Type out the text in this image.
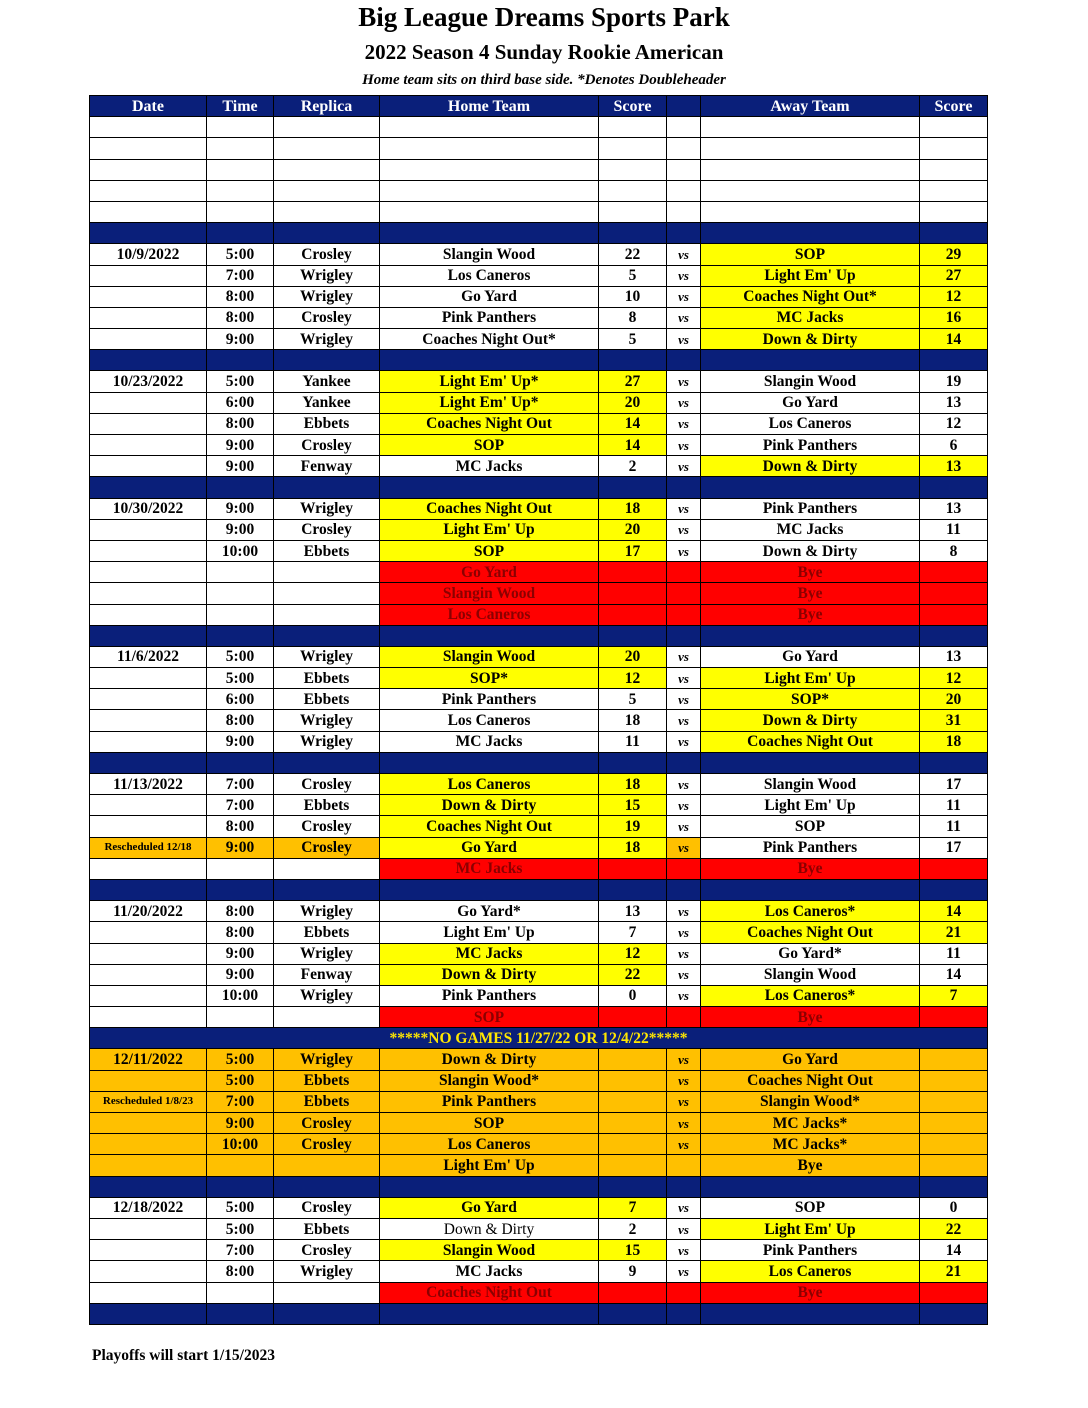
Big League Dreams Sports Park
2022 Season 4 Sunday Rookie American
Home team sits on third base side. *Denotes Doubleheader
Date	Time	Replica	Home Team	Score		Away Team	Score

10/9/2022	5:00	Crosley	Slangin Wood	22	vs	SOP	29
	7:00	Wrigley	Los Caneros	5	vs	Light Em' Up	27
	8:00	Wrigley	Go Yard	10	vs	Coaches Night Out*	12
	8:00	Crosley	Pink Panthers	8	vs	MC Jacks	16
	9:00	Wrigley	Coaches Night Out*	5	vs	Down & Dirty	14

10/23/2022	5:00	Yankee	Light Em' Up*	27	vs	Slangin Wood	19
	6:00	Yankee	Light Em' Up*	20	vs	Go Yard	13
	8:00	Ebbets	Coaches Night Out	14	vs	Los Caneros	12
	9:00	Crosley	SOP	14	vs	Pink Panthers	6
	9:00	Fenway	MC Jacks	2	vs	Down & Dirty	13

10/30/2022	9:00	Wrigley	Coaches Night Out	18	vs	Pink Panthers	13
	9:00	Crosley	Light Em' Up	20	vs	MC Jacks	11
	10:00	Ebbets	SOP	17	vs	Down & Dirty	8
			Go Yard			Bye	
			Slangin Wood			Bye	
			Los Caneros			Bye	

11/6/2022	5:00	Wrigley	Slangin Wood	20	vs	Go Yard	13
	5:00	Ebbets	SOP*	12	vs	Light Em' Up	12
	6:00	Ebbets	Pink Panthers	5	vs	SOP*	20
	8:00	Wrigley	Los Caneros	18	vs	Down & Dirty	31
	9:00	Wrigley	MC Jacks	11	vs	Coaches Night Out	18

11/13/2022	7:00	Crosley	Los Caneros	18	vs	Slangin Wood	17
	7:00	Ebbets	Down & Dirty	15	vs	Light Em' Up	11
	8:00	Crosley	Coaches Night Out	19	vs	SOP	11
Rescheduled 12/18	9:00	Crosley	Go Yard	18	vs	Pink Panthers	17
			MC Jacks			Bye	

11/20/2022	8:00	Wrigley	Go Yard*	13	vs	Los Caneros*	14
	8:00	Ebbets	Light Em' Up	7	vs	Coaches Night Out	21
	9:00	Wrigley	MC Jacks	12	vs	Go Yard*	11
	9:00	Fenway	Down & Dirty	22	vs	Slangin Wood	14
	10:00	Wrigley	Pink Panthers	0	vs	Los Caneros*	7
			SOP			Bye	
*****NO GAMES 11/27/22 OR 12/4/22*****							
12/11/2022	5:00	Wrigley	Down & Dirty		vs	Go Yard	
	5:00	Ebbets	Slangin Wood*		vs	Coaches Night Out	
Rescheduled 1/8/23	7:00	Ebbets	Pink Panthers		vs	Slangin Wood*	
	9:00	Crosley	SOP		vs	MC Jacks*	
	10:00	Crosley	Los Caneros		vs	MC Jacks*	
			Light Em' Up			Bye	

12/18/2022	5:00	Crosley	Go Yard	7	vs	SOP	0
	5:00	Ebbets	Down & Dirty	2	vs	Light Em' Up	22
	7:00	Crosley	Slangin Wood	15	vs	Pink Panthers	14
	8:00	Wrigley	MC Jacks	9	vs	Los Caneros	21
			Coaches Night Out			Bye	

Playoffs will start 1/15/2023
